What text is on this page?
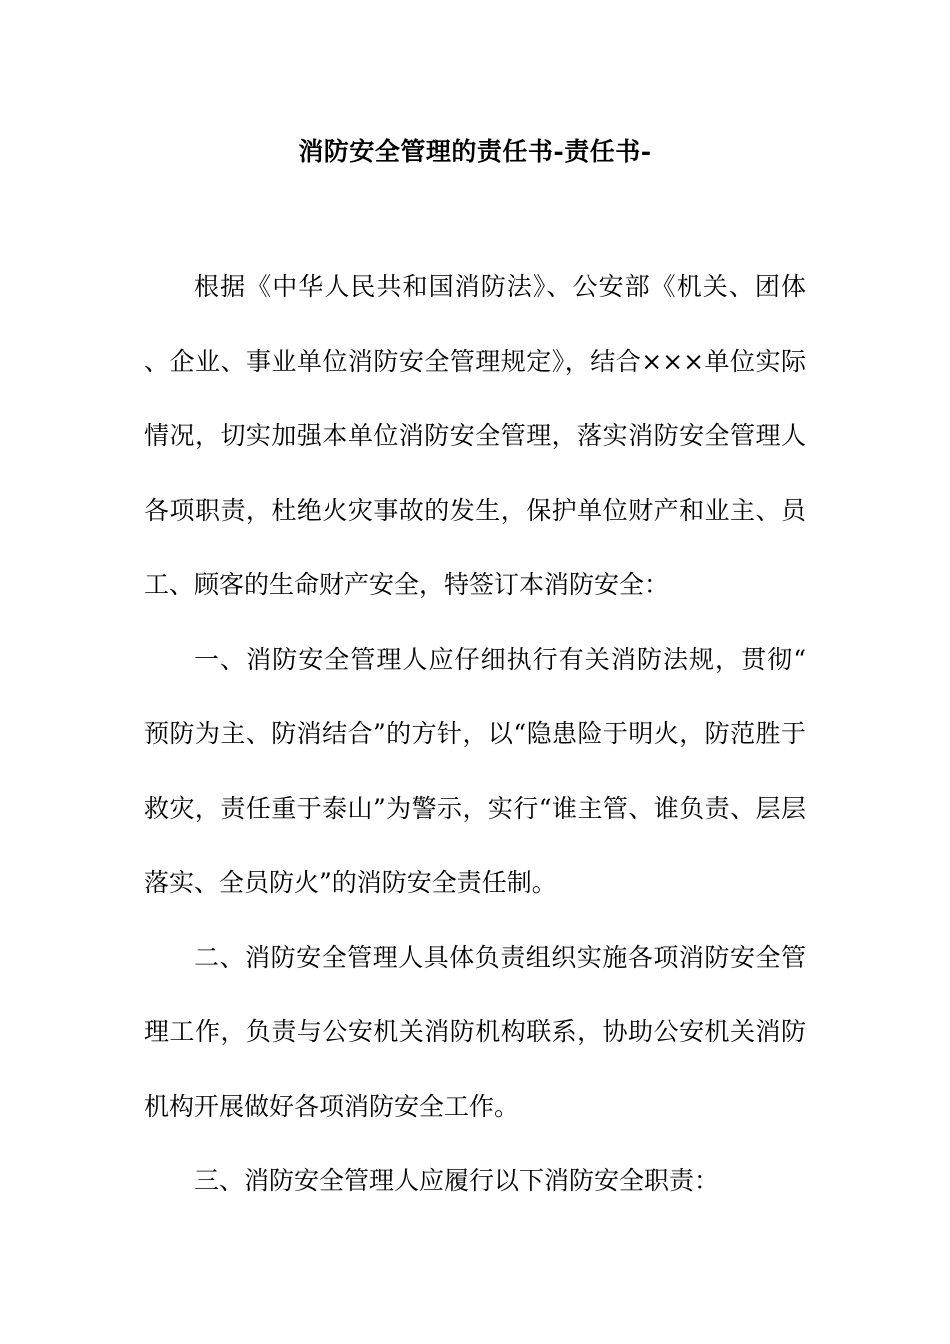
消防安全管理的责任书-责任书-

根据《中华人民共和国消防法》、公安部《机关、团体、企业、事业单位消防安全管理规定》，结合×××单位实际情况，切实加强本单位消防安全管理，落实消防安全管理人各项职责，杜绝火灾事故的发生，保护单位财产和业主、员工、顾客的生命财产安全，特签订本消防安全：

一、消防安全管理人应仔细执行有关消防法规，贯彻“预防为主、防消结合”的方针，以“隐患险于明火，防范胜于救灾，责任重于泰山”为警示，实行“谁主管、谁负责、层层落实、全员防火”的消防安全责任制。

二、消防安全管理人具体负责组织实施各项消防安全管理工作，负责与公安机关消防机构联系，协助公安机关消防机构开展做好各项消防安全工作。

三、消防安全管理人应履行以下消防安全职责：
